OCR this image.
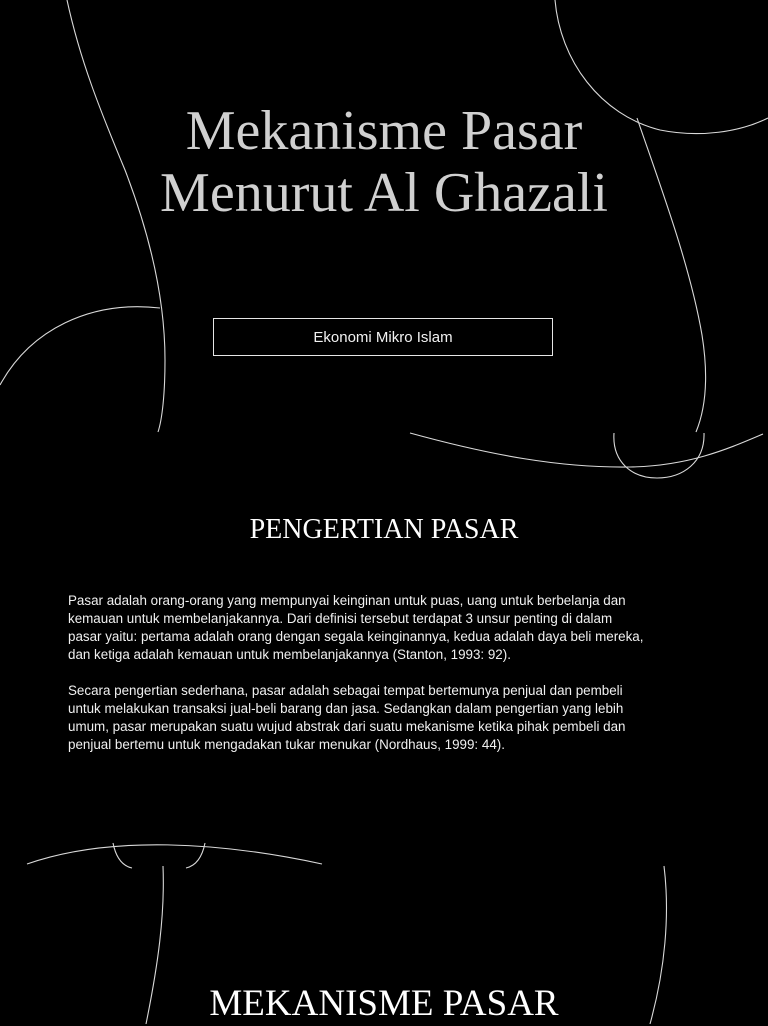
Mekanisme Pasar Menurut Al Ghazali
Ekonomi Mikro Islam
PENGERTIAN PASAR

Pasar adalah orang-orang yang mempunyai keinginan untuk puas, uang untuk berbelanja dan
kemauan untuk membelanjakannya. Dari definisi tersebut terdapat 3 unsur penting di dalam
pasar yaitu: pertama adalah orang dengan segala keinginannya, kedua adalah daya beli mereka,
dan ketiga adalah kemauan untuk membelanjakannya (Stanton, 1993: 92).

Secara pengertian sederhana, pasar adalah sebagai tempat bertemunya penjual dan pembeli
untuk melakukan transaksi jual-beli barang dan jasa. Sedangkan dalam pengertian yang lebih
umum, pasar merupakan suatu wujud abstrak dari suatu mekanisme ketika pihak pembeli dan
penjual bertemu untuk mengadakan tukar menukar (Nordhaus, 1999: 44).

MEKANISME PASAR
